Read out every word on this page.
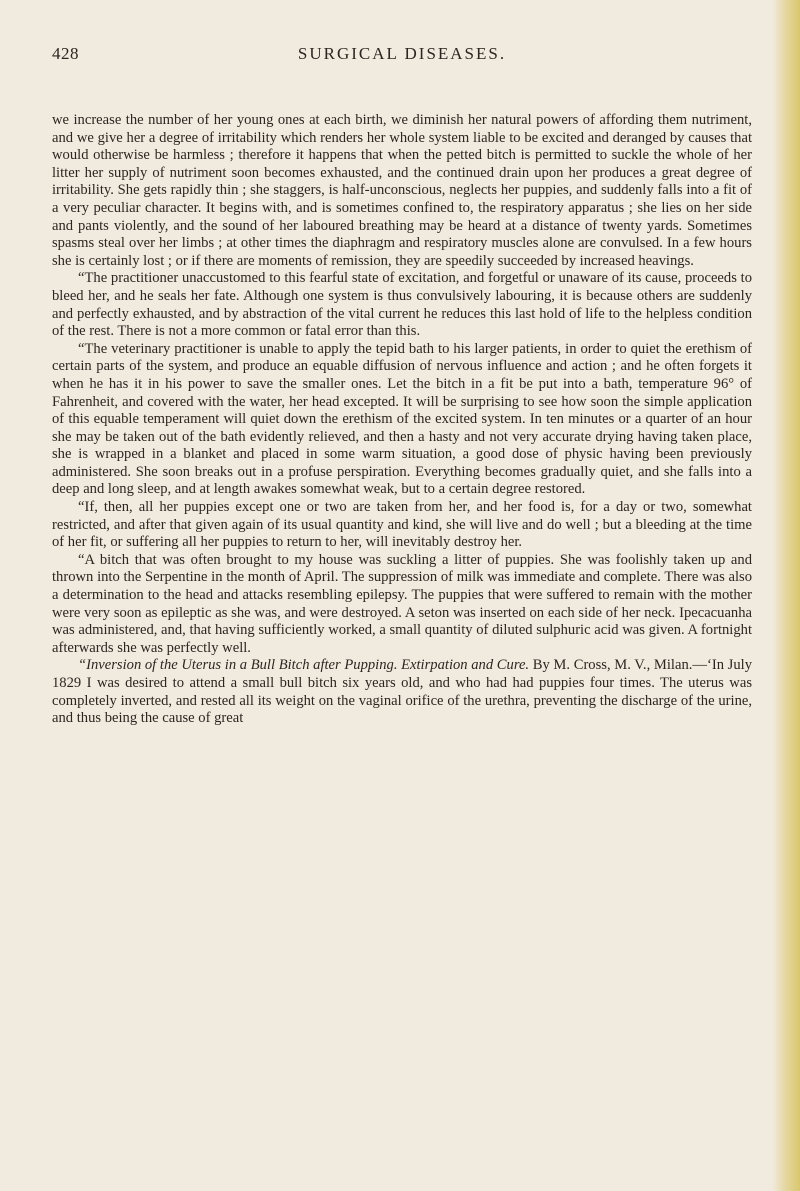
428	SURGICAL DISEASES.

we increase the number of her young ones at each birth, we diminish her natural powers of affording them nutriment, and we give her a degree of irritability which renders her whole system liable to be excited and deranged by causes that would otherwise be harmless ; therefore it happens that when the petted bitch is permitted to suckle the whole of her litter her supply of nutriment soon becomes exhausted, and the continued drain upon her produces a great degree of irritability. She gets rapidly thin ; she staggers, is half-unconscious, neglects her puppies, and suddenly falls into a fit of a very peculiar character. It begins with, and is sometimes confined to, the respiratory apparatus ; she lies on her side and pants violently, and the sound of her laboured breathing may be heard at a distance of twenty yards. Sometimes spasms steal over her limbs ; at other times the diaphragm and respiratory muscles alone are convulsed. In a few hours she is certainly lost ; or if there are moments of remission, they are speedily succeeded by increased heavings.

“The practitioner unaccustomed to this fearful state of excitation, and forgetful or unaware of its cause, proceeds to bleed her, and he seals her fate. Although one system is thus convulsively labouring, it is because others are suddenly and perfectly exhausted, and by abstraction of the vital current he reduces this last hold of life to the helpless condition of the rest. There is not a more common or fatal error than this.

“The veterinary practitioner is unable to apply the tepid bath to his larger patients, in order to quiet the erethism of certain parts of the system, and produce an equable diffusion of nervous influence and action ; and he often forgets it when he has it in his power to save the smaller ones. Let the bitch in a fit be put into a bath, temperature 96° of Fahrenheit, and covered with the water, her head excepted. It will be surprising to see how soon the simple application of this equable temperament will quiet down the erethism of the excited system. In ten minutes or a quarter of an hour she may be taken out of the bath evidently relieved, and then a hasty and not very accurate drying having taken place, she is wrapped in a blanket and placed in some warm situation, a good dose of physic having been previously administered. She soon breaks out in a profuse perspiration. Everything becomes gradually quiet, and she falls into a deep and long sleep, and at length awakes somewhat weak, but to a certain degree restored.

“If, then, all her puppies except one or two are taken from her, and her food is, for a day or two, somewhat restricted, and after that given again of its usual quantity and kind, she will live and do well ; but a bleeding at the time of her fit, or suffering all her puppies to return to her, will inevitably destroy her.

“A bitch that was often brought to my house was suckling a litter of puppies. She was foolishly taken up and thrown into the Serpentine in the month of April. The suppression of milk was immediate and complete. There was also a determination to the head and attacks resembling epilepsy. The puppies that were suffered to remain with the mother were very soon as epileptic as she was, and were destroyed. A seton was inserted on each side of her neck. Ipecacuanha was administered, and, that having sufficiently worked, a small quantity of diluted sulphuric acid was given. A fortnight afterwards she was perfectly well.

“Inversion of the Uterus in a Bull Bitch after Pupping. Extirpation and Cure. By M. Cross, M. V., Milan.—‘In July 1829 I was desired to attend a small bull bitch six years old, and who had had puppies four times. The uterus was completely inverted, and rested all its weight on the vaginal orifice of the urethra, preventing the discharge of the urine, and thus being the cause of great
